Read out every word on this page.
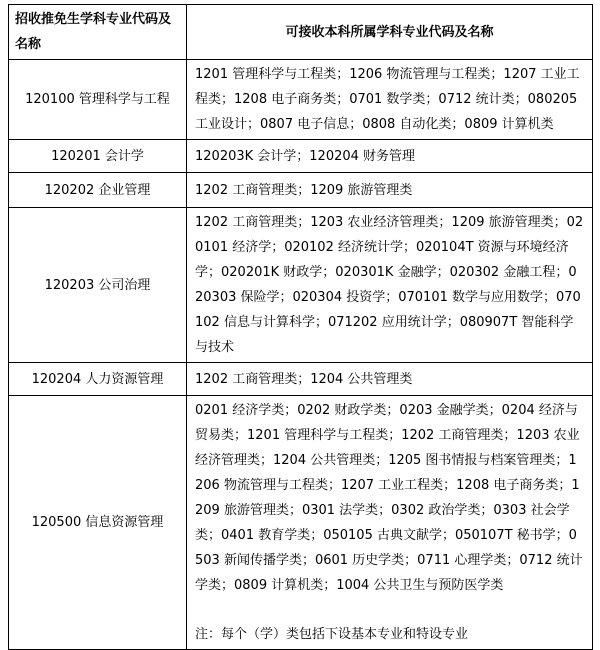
招收推免生学科专业代码及名称	可接收本科所属学科专业代码及名称
120100 管理科学与工程	1201 管理科学与工程类；1206 物流管理与工程类；1207 工业工程类；1208 电子商务类；0701 数学类；0712 统计类；080205 工业设计；0807 电子信息；0808 自动化类；0809 计算机类
120201 会计学	120203K 会计学；120204 财务管理
120202 企业管理	1202 工商管理类；1209 旅游管理类
120203 公司治理	1202 工商管理类；1203 农业经济管理类；1209 旅游管理类；020101 经济学；020102 经济统计学；020104T 资源与环境经济学；020201K 财政学；020301K 金融学；020302 金融工程；020303 保险学；020304 投资学；070101 数学与应用数学；070102 信息与计算科学；071202 应用统计学；080907T 智能科学与技术
120204 人力资源管理	1202 工商管理类；1204 公共管理类
120500 信息资源管理	0201 经济学类；0202 财政学类；0203 金融学类；0204 经济与贸易类；1201 管理科学与工程类；1202 工商管理类；1203 农业经济管理类；1204 公共管理类；1205 图书情报与档案管理类；1206 物流管理与工程类；1207 工业工程类；1208 电子商务类；1209 旅游管理类；0301 法学类；0302 政治学类；0303 社会学类；0401 教育学类；050105 古典文献学；050107T 秘书学；0503 新闻传播学类；0601 历史学类；0711 心理学类；0712 统计学类；0809 计算机类；1004 公共卫生与预防医学类
注：每个（学）类包括下设基本专业和特设专业
